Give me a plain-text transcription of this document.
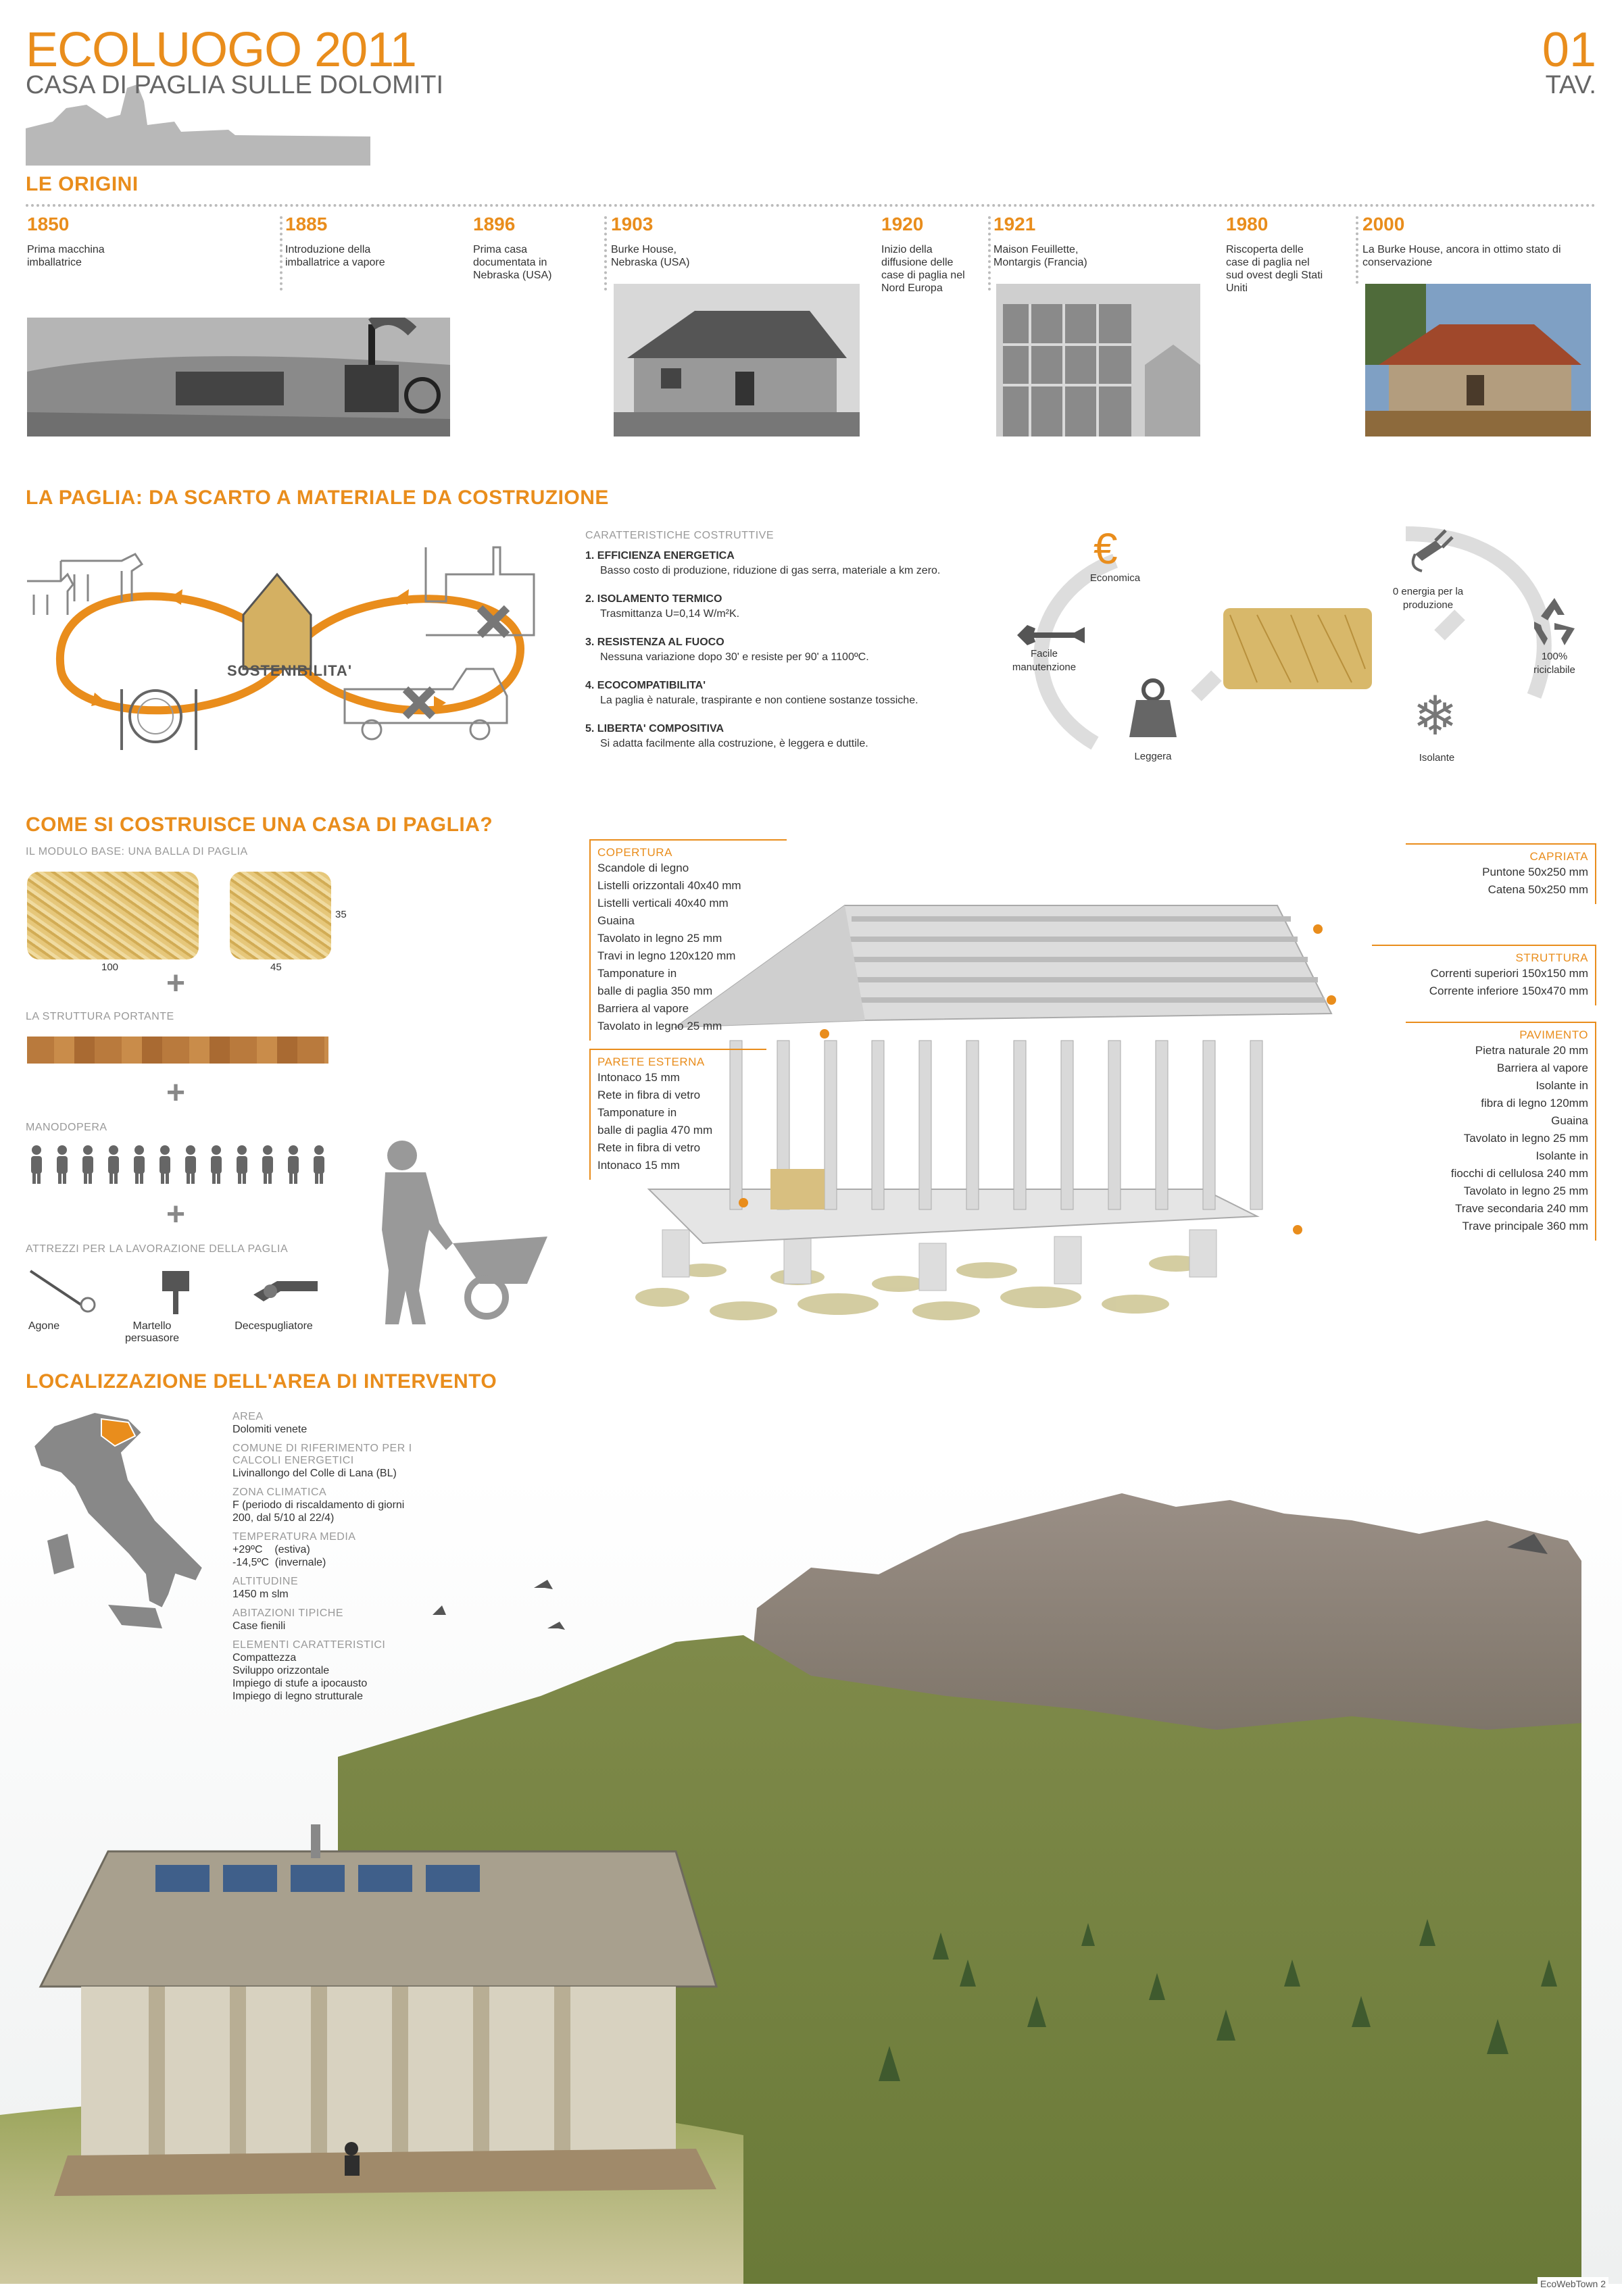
ECOLUOGO 2011
CASA DI PAGLIA SULLE DOLOMITI
01
TAV.
LE ORIGINI
1850
Prima macchina imballatrice
1885
Introduzione della imballatrice a vapore
1896
Prima casa documentata in Nebraska (USA)
1903
Burke House, Nebraska (USA)
1920
Inizio della diffusione delle case di paglia nel Nord Europa
1921
Maison Feuillette, Montargis (Francia)
1980
Riscoperta delle case di paglia nel sud ovest degli Stati Uniti
2000
La Burke House, ancora in ottimo stato di conservazione
LA PAGLIA: DA SCARTO A MATERIALE DA COSTRUZIONE
SOSTENIBILITA'
CARATTERISTICHE COSTRUTTIVE
1. EFFICIENZA ENERGETICA
Basso costo di produzione, riduzione di gas serra, materiale a km zero.
2. ISOLAMENTO TERMICO
Trasmittanza U=0,14 W/m²K.
3. RESISTENZA AL FUOCO
Nessuna variazione dopo 30' e resiste per 90' a 1100ºC.
4. ECOCOMPATIBILITA'
La paglia è naturale, traspirante e non contiene sostanze tossiche.
5. LIBERTA' COMPOSITIVA
Si adatta facilmente alla costruzione, è leggera e duttile.
€
Economica
0 energia per la produzione
Facile manutenzione
100% riciclabile
Leggera
❄
Isolante
COME SI COSTRUISCE UNA CASA DI PAGLIA?
IL MODULO BASE: UNA BALLA DI PAGLIA
100	45
35
+
LA STRUTTURA PORTANTE
+
MANODOPERA
+
ATTREZZI PER LA LAVORAZIONE DELLA PAGLIA
Agone	Martello persuasore
Decespugliatore
COPERTURA
Scandole di legno
Listelli orizzontali 40x40 mm
Listelli verticali 40x40 mm
Guaina
Tavolato in legno 25 mm
Travi in legno 120x120 mm
Tamponature in
balle di paglia 350 mm
Barriera al vapore
Tavolato in legno 25 mm
PARETE ESTERNA
Intonaco 15 mm
Rete in fibra di vetro
Tamponature in
balle di paglia 470 mm
Rete in fibra di vetro
Intonaco 15 mm
CAPRIATA
Puntone 50x250 mm
Catena 50x250 mm
STRUTTURA
Correnti superiori 150x150 mm
Corrente inferiore 150x470 mm
PAVIMENTO
Pietra naturale 20 mm
Barriera al vapore
Isolante in
fibra di legno 120mm
Guaina
Tavolato in legno 25 mm
Isolante in
fiocchi di cellulosa 240 mm
Tavolato in legno 25 mm
Trave secondaria 240 mm
Trave principale 360 mm
LOCALIZZAZIONE DELL'AREA DI INTERVENTO
AREA
Dolomiti venete
COMUNE DI RIFERIMENTO PER I CALCOLI ENERGETICI
Livinallongo del Colle di Lana (BL)
ZONA CLIMATICA
F (periodo di riscaldamento di giorni 200, dal 5/10 al 22/4)
TEMPERATURA MEDIA
+29ºC    (estiva)
-14,5ºC  (invernale)
ALTITUDINE
1450 m slm
ABITAZIONI TIPICHE
Case fienili
ELEMENTI CARATTERISTICI
Compattezza
Sviluppo orizzontale
Impiego di stufe a ipocausto
Impiego di legno strutturale
EcoWebTown 2
